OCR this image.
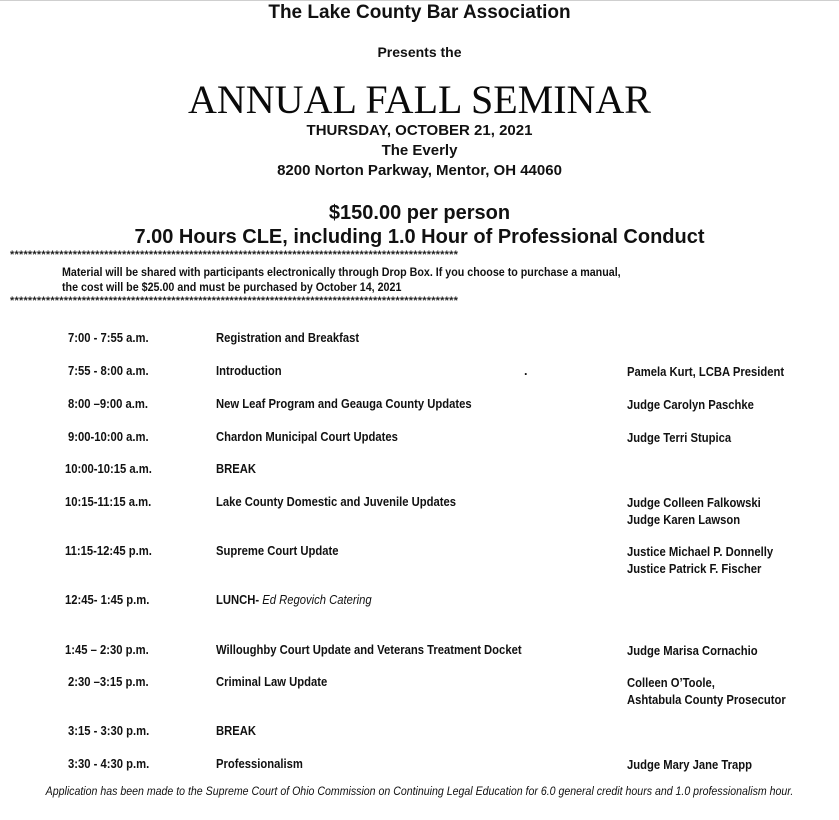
The Lake County Bar Association
Presents the
ANNUAL FALL SEMINAR
THURSDAY, OCTOBER 21, 2021
The Everly
8200 Norton Parkway, Mentor, OH 44060
$150.00 per person
7.00 Hours CLE, including 1.0 Hour of Professional Conduct
****************************************************************************************************
Material will be shared with participants electronically through Drop Box. If you choose to purchase a manual,
the cost will be $25.00 and must be purchased by October 14, 2021
****************************************************************************************************
7:00 - 7:55 a.m.	Registration and Breakfast
7:55 - 8:00 a.m.	Introduction	.	Pamela Kurt, LCBA President
8:00 –9:00 a.m.	New Leaf Program and Geauga County Updates	Judge Carolyn Paschke
9:00-10:00 a.m.	Chardon Municipal Court Updates	Judge Terri Stupica
10:00-10:15 a.m.	BREAK
10:15-11:15 a.m.	Lake County Domestic and Juvenile Updates	Judge Colleen Falkowski
Judge Karen Lawson
11:15-12:45 p.m.	Supreme Court Update	Justice Michael P. Donnelly
Justice Patrick F. Fischer
12:45- 1:45 p.m.	LUNCH- Ed Regovich Catering
1:45 – 2:30 p.m.	Willoughby Court Update and Veterans Treatment Docket	Judge Marisa Cornachio
2:30 –3:15 p.m.	Criminal Law Update	Colleen O’Toole,
Ashtabula County Prosecutor
3:15 - 3:30 p.m.	BREAK
3:30 - 4:30 p.m.	Professionalism	Judge Mary Jane Trapp
Application has been made to the Supreme Court of Ohio Commission on Continuing Legal Education for 6.0 general credit hours and 1.0 professionalism hour.
